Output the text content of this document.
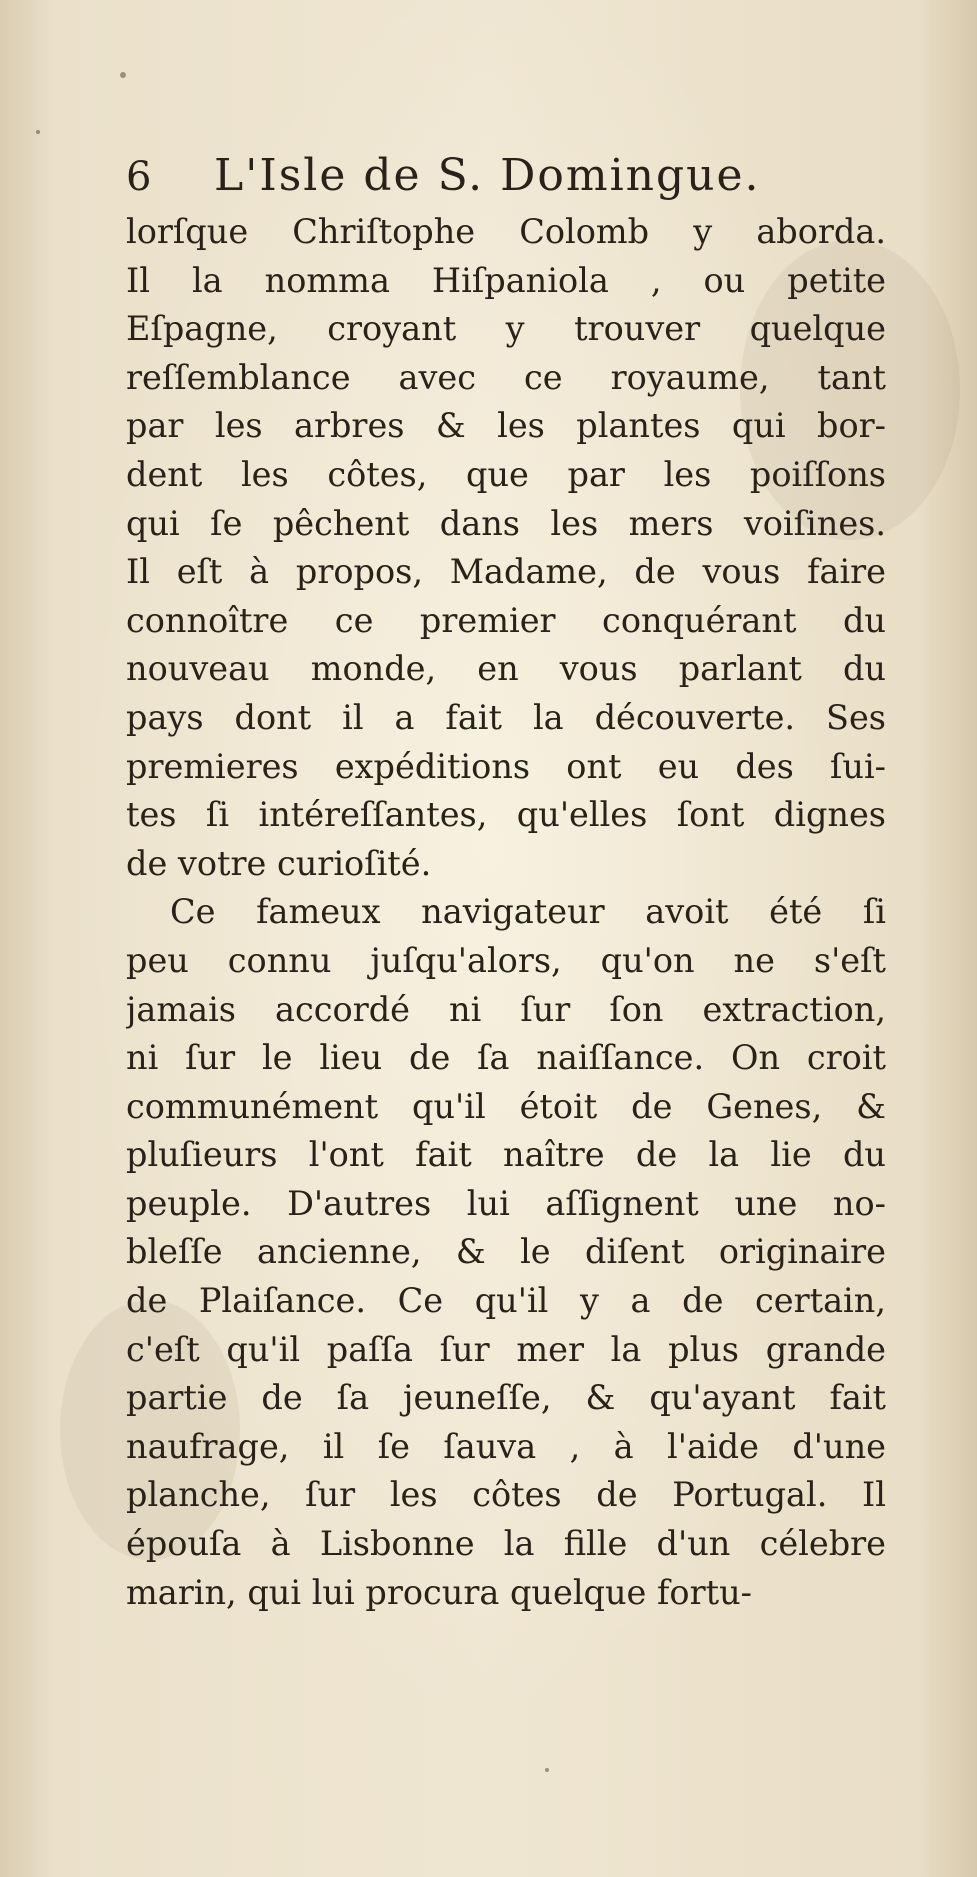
6	L'Isle de S. Domingue.
lorſque Chriſtophe Colomb y aborda.
Il la nomma Hiſpaniola , ou petite
Eſpagne, croyant y trouver quelque
reſſemblance avec ce royaume, tant
par les arbres & les plantes qui bor-
dent les côtes, que par les poiſſons
qui ſe pêchent dans les mers voiſines.
Il eſt à propos, Madame, de vous faire
connoître ce premier conquérant du
nouveau monde, en vous parlant du
pays dont il a fait la découverte. Ses
premieres expéditions ont eu des ſui-
tes ſi intéreſſantes, qu'elles ſont dignes
de votre curioſité.
Ce fameux navigateur avoit été ſi
peu connu juſqu'alors, qu'on ne s'eſt
jamais accordé ni ſur ſon extraction,
ni ſur le lieu de ſa naiſſance. On croit
communément qu'il étoit de Genes, &
pluſieurs l'ont fait naître de la lie du
peuple. D'autres lui aſſignent une no-
bleſſe ancienne, & le diſent originaire
de Plaiſance. Ce qu'il y a de certain,
c'eſt qu'il paſſa ſur mer la plus grande
partie de ſa jeuneſſe, & qu'ayant fait
naufrage, il ſe ſauva , à l'aide d'une
planche, ſur les côtes de Portugal. Il
épouſa à Lisbonne la fille d'un célebre
marin, qui lui procura quelque fortu-
